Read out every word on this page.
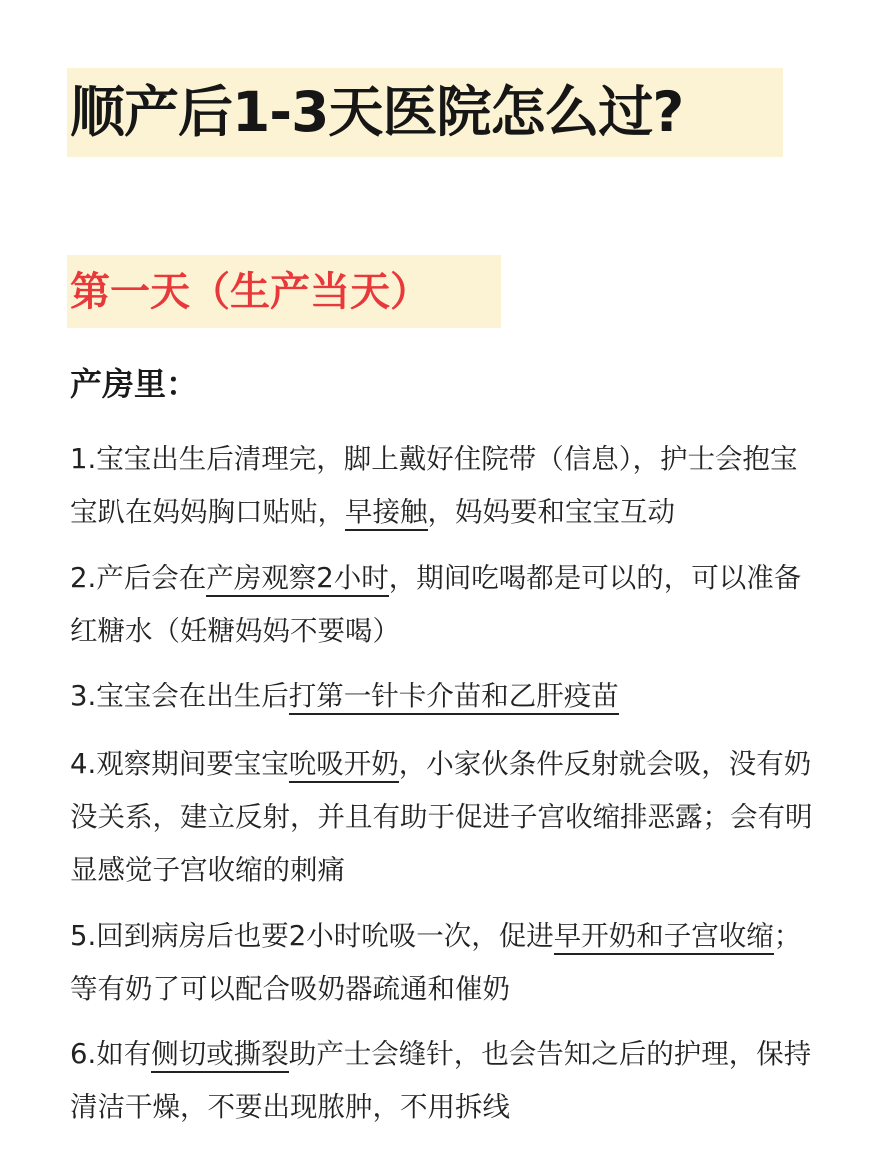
顺产后1-3天医院怎么过?
第一天（生产当天）
产房里：
1.宝宝出生后清理完，脚上戴好住院带（信息），护士会抱宝宝趴在妈妈胸口贴贴，早接触，妈妈要和宝宝互动
2.产后会在产房观察2小时，期间吃喝都是可以的，可以准备红糖水（妊糖妈妈不要喝）
3.宝宝会在出生后打第一针卡介苗和乙肝疫苗
4.观察期间要宝宝吮吸开奶，小家伙条件反射就会吸，没有奶没关系，建立反射，并且有助于促进子宫收缩排恶露；会有明显感觉子宫收缩的刺痛
5.回到病房后也要2小时吮吸一次，促进早开奶和子宫收缩；等有奶了可以配合吸奶器疏通和催奶
6.如有侧切或撕裂助产士会缝针，也会告知之后的护理，保持清洁干燥，不要出现脓肿，不用拆线
